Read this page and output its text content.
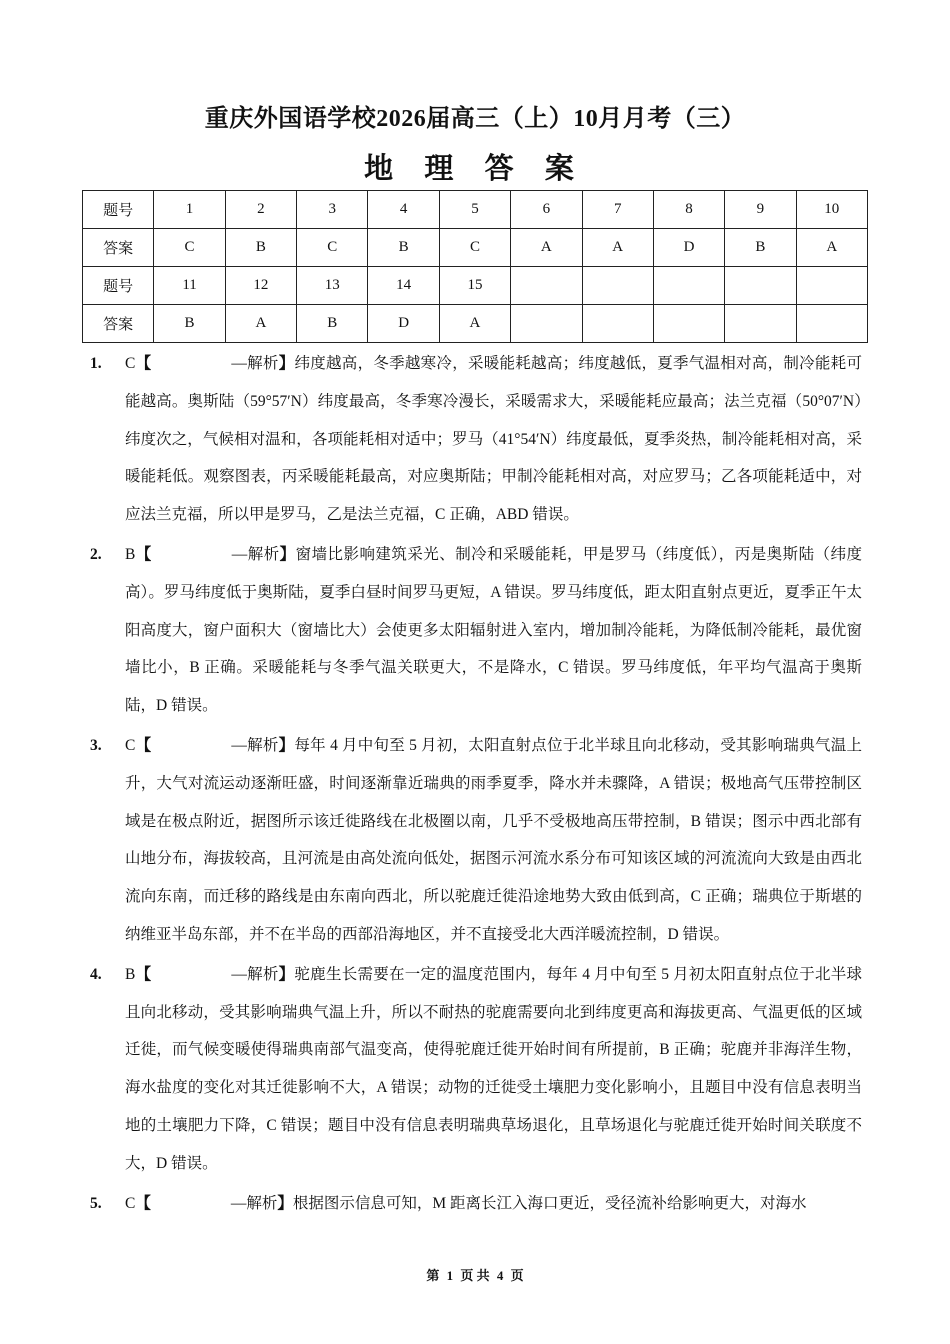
重庆外国语学校2026届高三（上）10月月考（三）
地 理 答 案
题号	1	2	3	4	5	6	7	8	9	10
答案	C	B	C	B	C	A	A	D	B	A
题号	11	12	13	14	15					
答案	B	A	B	D	A					
1. C【	—解析】纬度越高，冬季越寒冷，采暖能耗越高；纬度越低，夏季气温相对高，制冷能耗可能越高。奥斯陆（59°57′N）纬度最高，冬季寒冷漫长，采暖需求大，采暖能耗应最高；法兰克福（50°07′N）纬度次之，气候相对温和，各项能耗相对适中；罗马（41°54′N）纬度最低，夏季炎热，制冷能耗相对高，采暖能耗低。观察图表，丙采暖能耗最高，对应奥斯陆；甲制冷能耗相对高，对应罗马；乙各项能耗适中，对应法兰克福，所以甲是罗马，乙是法兰克福，C 正确，ABD 错误。
2. B【	—解析】窗墙比影响建筑采光、制冷和采暖能耗，甲是罗马（纬度低），丙是奥斯陆（纬度高）。罗马纬度低于奥斯陆，夏季白昼时间罗马更短，A 错误。罗马纬度低，距太阳直射点更近，夏季正午太阳高度大，窗户面积大（窗墙比大）会使更多太阳辐射进入室内，增加制冷能耗，为降低制冷能耗，最优窗墙比小，B 正确。采暖能耗与冬季气温关联更大，不是降水，C 错误。罗马纬度低，年平均气温高于奥斯陆，D 错误。
3. C【	—解析】每年 4 月中旬至 5 月初，太阳直射点位于北半球且向北移动，受其影响瑞典气温上升，大气对流运动逐渐旺盛，时间逐渐靠近瑞典的雨季夏季，降水并未骤降，A 错误；极地高气压带控制区域是在极点附近，据图所示该迁徙路线在北极圈以南，几乎不受极地高压带控制，B 错误；图示中西北部有山地分布，海拔较高，且河流是由高处流向低处，据图示河流水系分布可知该区域的河流流向大致是由西北流向东南，而迁移的路线是由东南向西北，所以驼鹿迁徙沿途地势大致由低到高，C 正确；瑞典位于斯堪的纳维亚半岛东部，并不在半岛的西部沿海地区，并不直接受北大西洋暖流控制，D 错误。
4. B【	—解析】驼鹿生长需要在一定的温度范围内，每年 4 月中旬至 5 月初太阳直射点位于北半球且向北移动，受其影响瑞典气温上升，所以不耐热的驼鹿需要向北到纬度更高和海拔更高、气温更低的区域迁徙，而气候变暖使得瑞典南部气温变高，使得驼鹿迁徙开始时间有所提前，B 正确；驼鹿并非海洋生物，海水盐度的变化对其迁徙影响不大，A 错误；动物的迁徙受土壤肥力变化影响小，且题目中没有信息表明当地的土壤肥力下降，C 错误；题目中没有信息表明瑞典草场退化，且草场退化与驼鹿迁徙开始时间关联度不大，D 错误。
5. C【	—解析】根据图示信息可知，M 距离长江入海口更近，受径流补给影响更大，对海水
第 1 页 共 4 页
